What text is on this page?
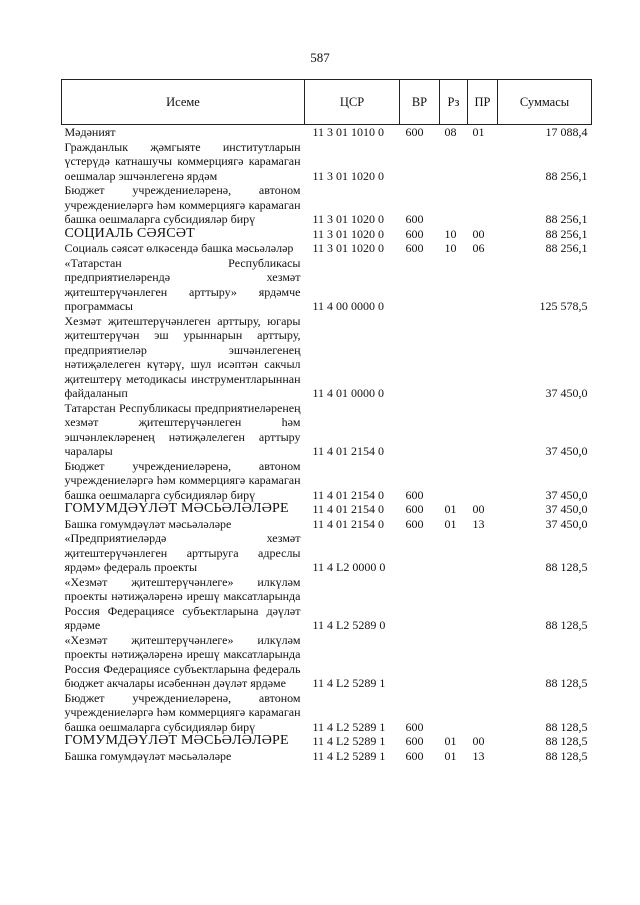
587
Исеме	ЦСР	ВР	Рз	ПР	Суммасы
Мәдәният	11 3 01 1010 0	600	08	01	17 088,4
Гражданлык җәмгыяте институтларын үстерүдә катнашучы коммерциягә карамаган оешмалар эшчәнлегенә ярдәм	11 3 01 1020 0				88 256,1
Бюджет учреждениеләренә, автоном учреждениеләргә һәм коммерциягә карамаган башка оешмаларга субсидияләр бирү	11 3 01 1020 0	600			88 256,1
СОЦИАЛЬ СӘЯСӘТ	11 3 01 1020 0	600	10	00	88 256,1
Социаль сәясәт өлкәсендә башка мәсьәләләр	11 3 01 1020 0	600	10	06	88 256,1
«Татарстан Республикасы предприятиеләрендә хезмәт җитештерүчәнлеген арттыру» ярдәмче программасы	11 4 00 0000 0				125 578,5
Хезмәт җитештерүчәнлеген арттыру, югары җитештерүчән эш урыннарын арттыру, предприятиеләр эшчәнлегенең нәтиҗәлелеген күтәрү, шул исәптән сакчыл җитештерү методикасы инструментларыннан файдаланып	11 4 01 0000 0				37 450,0
Татарстан Республикасы предприятиеләренең хезмәт җитештерүчәнлеген һәм эшчәнлекләренең нәтиҗәлелеген арттыру чаралары	11 4 01 2154 0				37 450,0
Бюджет учреждениеләренә, автоном учреждениеләргә һәм коммерциягә карамаган башка оешмаларга субсидияләр бирү	11 4 01 2154 0	600			37 450,0
ГОМУМДӘҮЛӘТ МӘСЬӘЛӘЛӘРЕ	11 4 01 2154 0	600	01	00	37 450,0
Башка гомумдәүләт мәсьәләләре	11 4 01 2154 0	600	01	13	37 450,0
«Предприятиеләрдә хезмәт җитештерүчәнлеген арттыруга адреслы ярдәм» федераль проекты	11 4 L2 0000 0				88 128,5
«Хезмәт җитештерүчәнлеге» илкүләм проекты нәтиҗәләренә ирешү максатларында Россия Федерациясе субъектларына дәүләт ярдәме	11 4 L2 5289 0				88 128,5
«Хезмәт җитештерүчәнлеге» илкүләм проекты нәтиҗәләренә ирешү максатларында Россия Федерациясе субъектларына федераль бюджет акчалары исәбеннән дәүләт ярдәме	11 4 L2 5289 1				88 128,5
Бюджет учреждениеләренә, автоном учреждениеләргә һәм коммерциягә карамаган башка оешмаларга субсидияләр бирү	11 4 L2 5289 1	600			88 128,5
ГОМУМДӘҮЛӘТ МӘСЬӘЛӘЛӘРЕ	11 4 L2 5289 1	600	01	00	88 128,5
Башка гомумдәүләт мәсьәләләре	11 4 L2 5289 1	600	01	13	88 128,5
